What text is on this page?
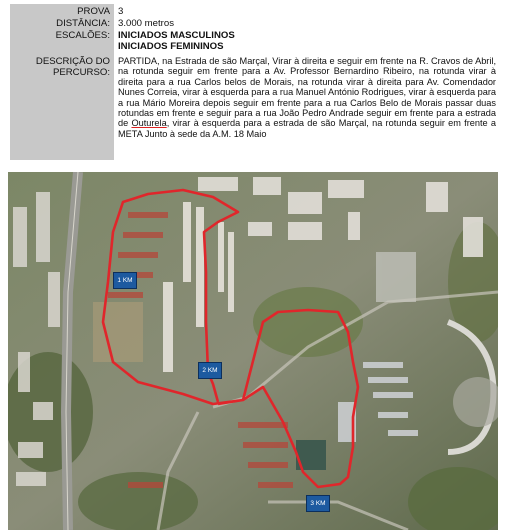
PROVA 3
DISTÂNCIA: 3.000 metros
ESCALÕES: INICIADOS MASCULINOS
INICIADOS FEMININOS
DESCRIÇÃO DO
PERCURSO:
PARTIDA, na Estrada de são Marçal, Virar à direita e seguir em frente na R. Cravos de Abril, na rotunda seguir em frente para a Av. Professor Bernardino Ribeiro, na rotunda virar à direita para a rua Carlos belos de Morais, na rotunda virar à direita para Av. Comendador Nunes Correia, virar à esquerda para a rua Manuel António Rodrigues, virar à esquerda para a rua Mário Moreira depois seguir em frente para a rua Carlos Belo de Morais passar duas rotundas em frente e seguir para a rua João Pedro Andrade seguir em frente para a estrada de Outurela, virar à esquerda para a estrada de são Marçal, na rotunda seguir em frente a META Junto à sede da A.M. 18 Maio
1 KM
2 KM
3 KM
